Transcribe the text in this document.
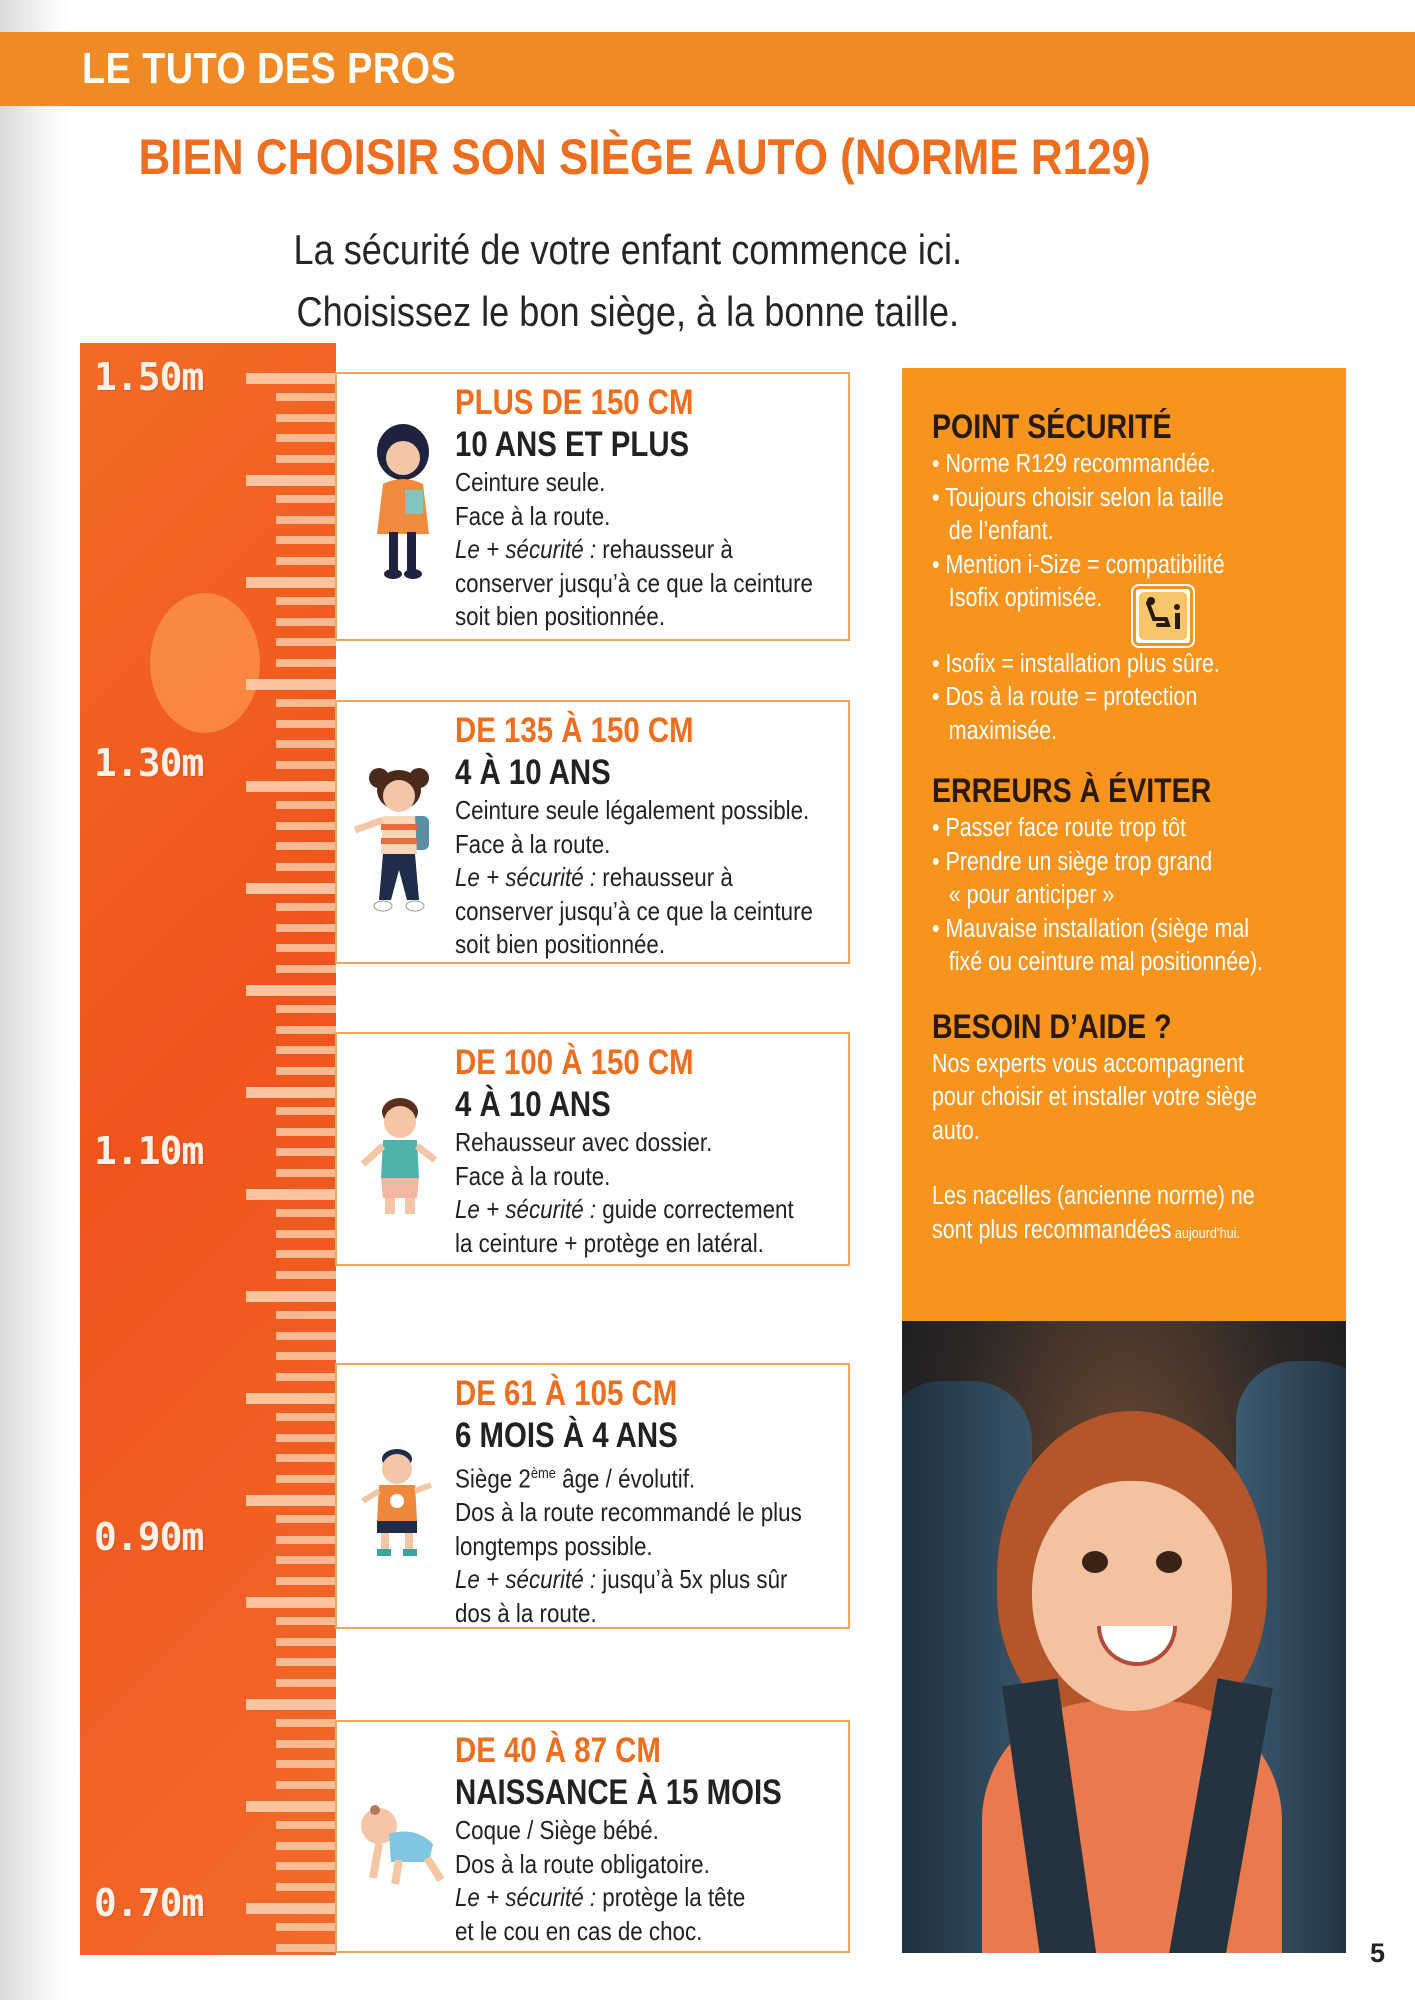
LE TUTO DES PROS
BIEN CHOISIR SON SIÈGE AUTO (NORME R129)
La sécurité de votre enfant commence ici.
Choisissez le bon siège, à la bonne taille.
1.50m
1.30m
1.10m
0.90m
0.70m
PLUS DE 150 CM
10 ANS ET PLUS
Ceinture seule.
Face à la route.
Le + sécurité : rehausseur à
conserver jusqu’à ce que la ceinture
soit bien positionnée.
DE 135 À 150 CM
4 À 10 ANS
Ceinture seule légalement possible.
Face à la route.
Le + sécurité : rehausseur à
conserver jusqu’à ce que la ceinture
soit bien positionnée.
DE 100 À 150 CM
4 À 10 ANS
Rehausseur avec dossier.
Face à la route.
Le + sécurité : guide correctement
la ceinture + protège en latéral.
DE 61 À 105 CM
6 MOIS À 4 ANS
Siège 2ème âge / évolutif.
Dos à la route recommandé le plus
longtemps possible.
Le + sécurité : jusqu’à 5x plus sûr
dos à la route.
DE 40 À 87 CM
NAISSANCE À 15 MOIS
Coque / Siège bébé.
Dos à la route obligatoire.
Le + sécurité : protège la tête
et le cou en cas de choc.
POINT SÉCURITÉ
• Norme R129 recommandée.
• Toujours choisir selon la taille
de l’enfant.
• Mention i-Size = compatibilité
Isofix optimisée.
• Isofix = installation plus sûre.
• Dos à la route = protection
maximisée.
ERREURS À ÉVITER
• Passer face route trop tôt
• Prendre un siège trop grand
« pour anticiper »
• Mauvaise installation (siège mal
fixé ou ceinture mal positionnée).
BESOIN D’AIDE ?
Nos experts vous accompagnent
pour choisir et installer votre siège
auto.
Les nacelles (ancienne norme) ne
sont plus recommandées aujourd’hui.
5
